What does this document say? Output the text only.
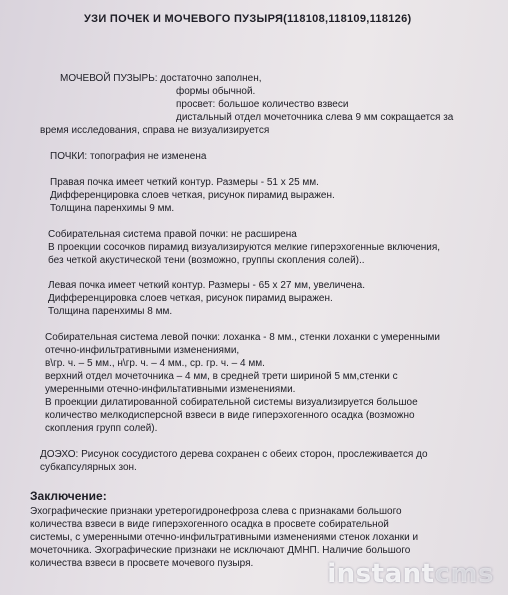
УЗИ ПОЧЕК И МОЧЕВОГО ПУЗЫРЯ(118108,118109,118126)
МОЧЕВОЙ ПУЗЫРЬ: достаточно заполнен,
формы обычной.
просвет: большое количество взвеси
дистальный отдел мочеточника слева 9 мм сокращается за
время исследования, справа не визуализируется
ПОЧКИ: топография не изменена
Правая почка имеет четкий контур. Размеры - 51 х 25 мм.
Дифференцировка слоев четкая, рисунок пирамид выражен.
Толщина паренхимы 9 мм.
Собирательная система правой почки: не расширена
В проекции сосочков пирамид визуализируются мелкие гиперэхогенные включения,
без четкой акустической тени (возможно, группы скопления солей)..
Левая почка имеет четкий контур. Размеры - 65 х 27 мм, увеличена.
Дифференцировка слоев четкая, рисунок пирамид выражен.
Толщина паренхимы 8 мм.
Собирательная система левой почки: лоханка - 8 мм., стенки лоханки с умеренными
отечно-инфильтративными изменениями,
в\гр. ч. – 5 мм., н\гр. ч. – 4 мм., ср. гр. ч. – 4 мм.
верхний отдел мочеточника – 4 мм, в средней трети шириной 5 мм,стенки с
умеренными отечно-инфильтативными изменениями.
В проекции дилатированной собирательной системы визуализируется большое
количество мелкодисперсной взвеси в виде гиперэхогенного осадка (возможно
скопления групп солей).
ДОЭХО: Рисунок сосудистого дерева сохранен с обеих сторон, прослеживается до
субкапсулярных зон.
Заключение:
Эхографические признаки уретерогидронефроза слева с признаками большого
количества взвеси в виде гиперэхогенного осадка в просвете собирательной
системы, с умеренными отечно-инфильтративными изменениями стенок лоханки и
мочеточника. Эхографические признаки не исключают ДМНП. Наличие большого
количества взвеси в просвете мочевого пузыря.	instantcms
